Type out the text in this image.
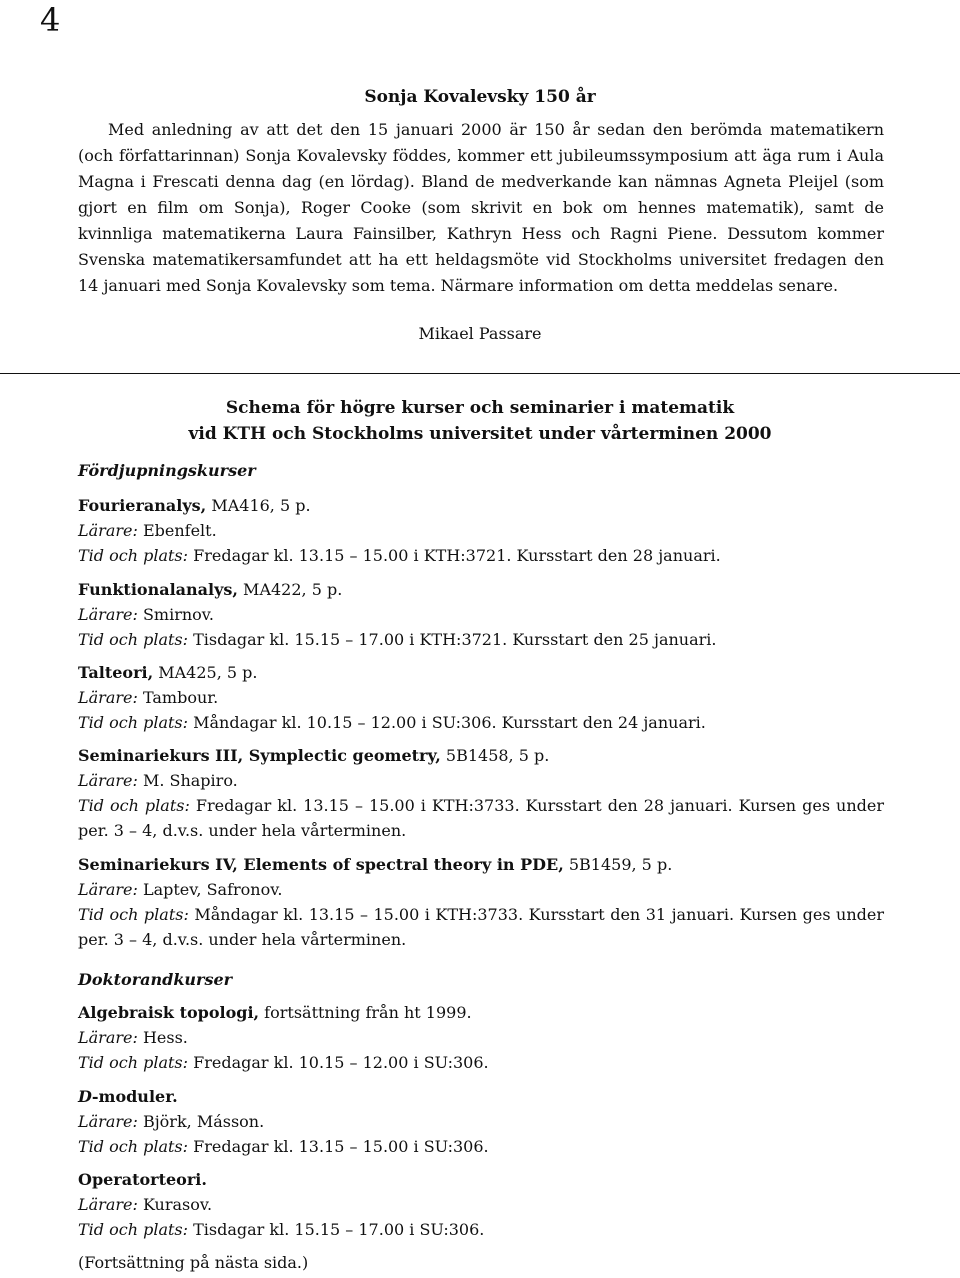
4
Sonja Kovalevsky 150 år

Med anledning av att det den 15 januari 2000 är 150 år sedan den berömda matematikern (och författarinnan) Sonja Kovalevsky föddes, kommer ett jubileumssymposium att äga rum i Aula Magna i Frescati denna dag (en lördag). Bland de medverkande kan nämnas Agneta Pleijel (som gjort en film om Sonja), Roger Cooke (som skrivit en bok om hennes matematik), samt de kvinnliga matematikerna Laura Fainsilber, Kathryn Hess och Ragni Piene. Dessutom kommer Svenska matematikersamfundet att ha ett heldagsmöte vid Stockholms universitet fredagen den 14 januari med Sonja Kovalevsky som tema. Närmare information om detta meddelas senare.

Mikael Passare
Schema för högre kurser och seminarier i matematik
vid KTH och Stockholms universitet under vårterminen 2000
Fördjupningskurser
Fourieranalys, MA416, 5 p.
Lärare: Ebenfelt.
Tid och plats: Fredagar kl. 13.15 – 15.00 i KTH:3721. Kursstart den 28 januari.
Funktionalanalys, MA422, 5 p.
Lärare: Smirnov.
Tid och plats: Tisdagar kl. 15.15 – 17.00 i KTH:3721. Kursstart den 25 januari.
Talteori, MA425, 5 p.
Lärare: Tambour.
Tid och plats: Måndagar kl. 10.15 – 12.00 i SU:306. Kursstart den 24 januari.
Seminariekurs III, Symplectic geometry, 5B1458, 5 p.
Lärare: M. Shapiro.
Tid och plats: Fredagar kl. 13.15 – 15.00 i KTH:3733. Kursstart den 28 januari. Kursen ges under per. 3 – 4, d.v.s. under hela vårterminen.
Seminariekurs IV, Elements of spectral theory in PDE, 5B1459, 5 p.
Lärare: Laptev, Safronov.
Tid och plats: Måndagar kl. 13.15 – 15.00 i KTH:3733. Kursstart den 31 januari. Kursen ges under per. 3 – 4, d.v.s. under hela vårterminen.
Doktorandkurser
Algebraisk topologi, fortsättning från ht 1999.
Lärare: Hess.
Tid och plats: Fredagar kl. 10.15 – 12.00 i SU:306.
D-moduler.
Lärare: Björk, Másson.
Tid och plats: Fredagar kl. 13.15 – 15.00 i SU:306.
Operatorteori.
Lärare: Kurasov.
Tid och plats: Tisdagar kl. 15.15 – 17.00 i SU:306.
(Fortsättning på nästa sida.)
